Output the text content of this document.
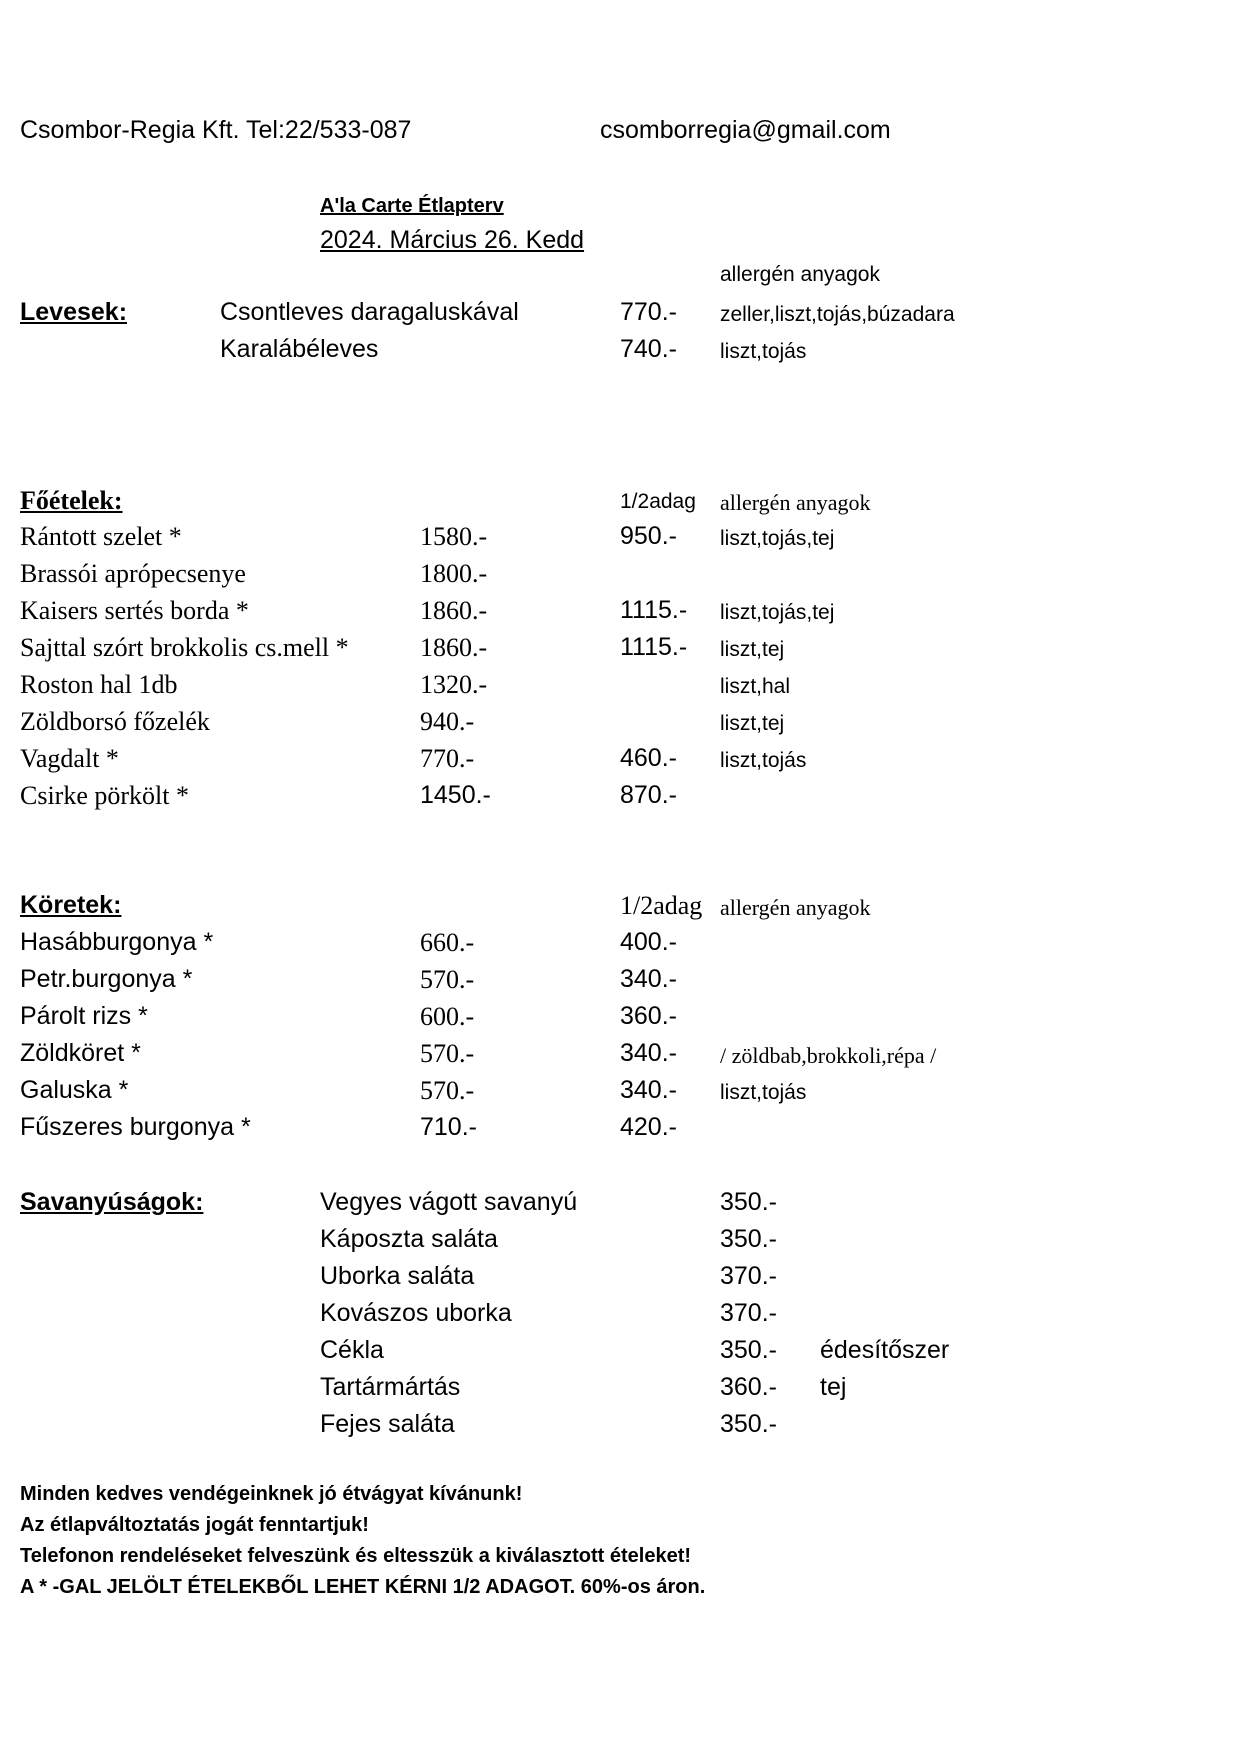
Csombor-Regia Kft. Tel:22/533-087	csomborregia@gmail.com
A'la Carte Étlapterv
2024. Március 26. Kedd
allergén anyagok
Levesek:	Csontleves daragaluskával	770.- zeller,liszt,tojás,búzadara
Karalábéleves	740.- liszt,tojás
Főételek:	1/2adag allergén anyagok
Rántott szelet *	1580.-	950.- liszt,tojás,tej
Brassói aprópecsenye	1800.-
Kaisers sertés borda *	1860.-	1115.- liszt,tojás,tej
Sajttal szórt brokkolis cs.mell *	1860.-	1115.- liszt,tej
Roston hal 1db	1320.-	liszt,hal
Zöldborsó főzelék	940.-	liszt,tej
Vagdalt *	770.-	460.- liszt,tojás
Csirke pörkölt *	1450.-	870.-
Köretek:	1/2adag allergén anyagok
Hasábburgonya *	660.-	400.-
Petr.burgonya *	570.-	340.-
Párolt rizs *	600.-	360.-
Zöldköret *	570.-	340.- / zöldbab,brokkoli,répa /
Galuska *	570.-	340.- liszt,tojás
Fűszeres burgonya *	710.-	420.-
Savanyúságok:	Vegyes vágott savanyú	350.-
Káposzta saláta	350.-
Uborka saláta	370.-
Kovászos uborka	370.-
Cékla	350.- édesítőszer
Tartármártás	360.- tej
Fejes saláta	350.-
Minden kedves vendégeinknek jó étvágyat kívánunk!
Az étlapváltoztatás jogát fenntartjuk!
Telefonon rendeléseket felveszünk és eltesszük a kiválasztott ételeket!
A * -GAL JELÖLT ÉTELEKBŐL LEHET KÉRNI 1/2 ADAGOT. 60%-os áron.
